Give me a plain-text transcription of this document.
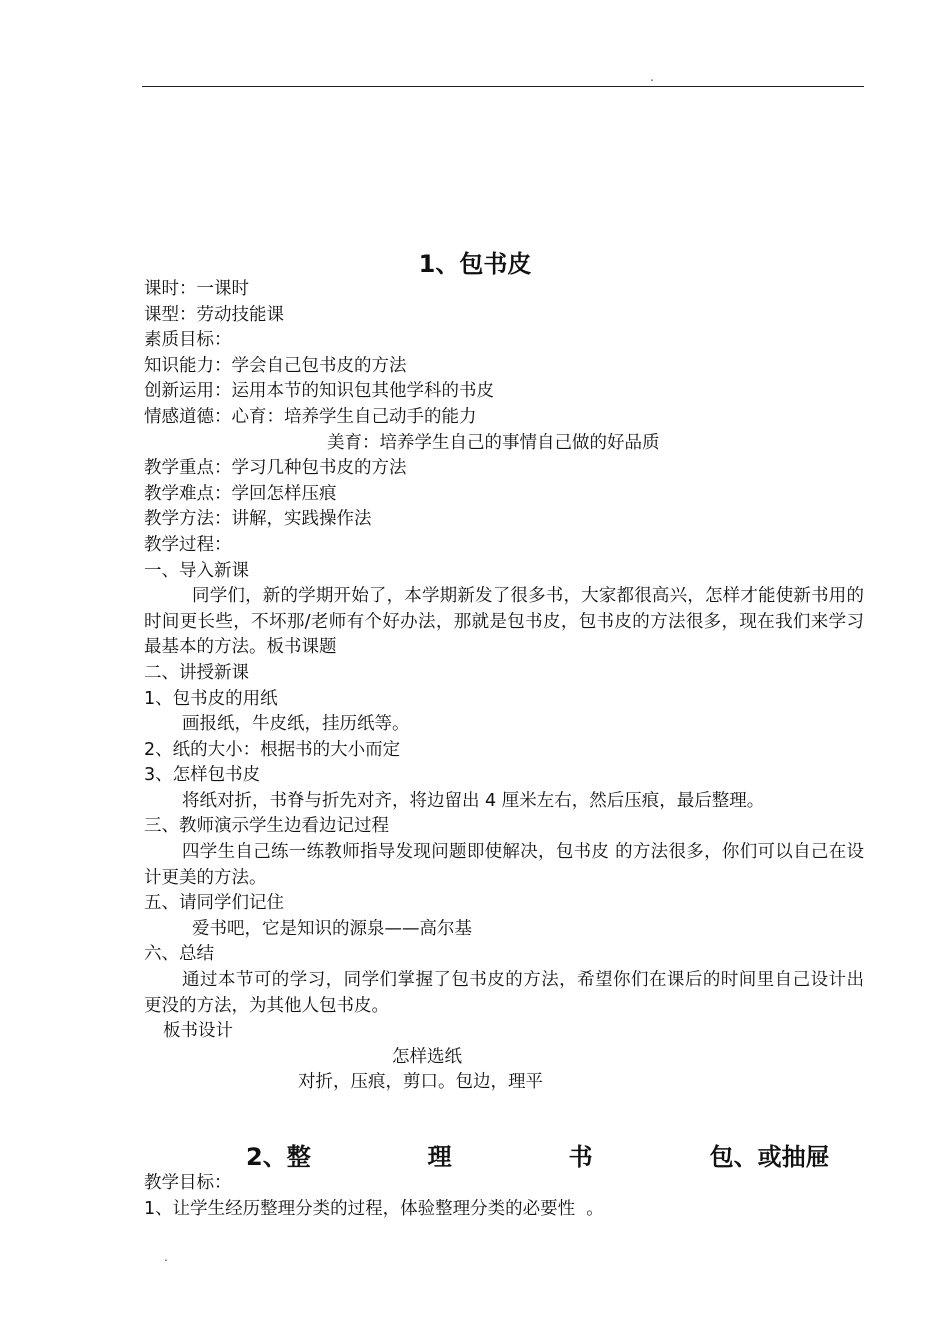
.
1、包书皮
课时：一课时
课型：劳动技能课
素质目标：
知识能力：学会自己包书皮的方法
创新运用：运用本节的知识包其他学科的书皮
情感道德：心育：培养学生自己动手的能力
美育：培养学生自己的事情自己做的好品质
教学重点：学习几种包书皮的方法
教学难点：学回怎样压痕
教学方法：讲解，实践操作法
教学过程：
一、导入新课
同学们，新的学期开始了，本学期新发了很多书，大家都很高兴，怎样才能使新书用的时间更长些，不坏那/老师有个好办法，那就是包书皮，包书皮的方法很多，现在我们来学习最基本的方法。板书课题
二、讲授新课
1、包书皮的用纸
画报纸，牛皮纸，挂历纸等。
2、纸的大小：根据书的大小而定
3、怎样包书皮
将纸对折，书脊与折先对齐，将边留出 4 厘米左右，然后压痕，最后整理。
三、教师演示学生边看边记过程
四学生自己练一练教师指导发现问题即使解决，包书皮 的方法很多，你们可以自己在设计更美的方法。
五、请同学们记住
爱书吧，它是知识的源泉——高尔基
六、总结
通过本节可的学习，同学们掌握了包书皮的方法，希望你们在课后的时间里自己设计出更没的方法，为其他人包书皮。
板书设计
怎样选纸
对折，压痕，剪口。包边，理平
2、整              理              书              包、或抽屉
教学目标：
1、让学生经历整理分类的过程，体验整理分类的必要性  。
.
